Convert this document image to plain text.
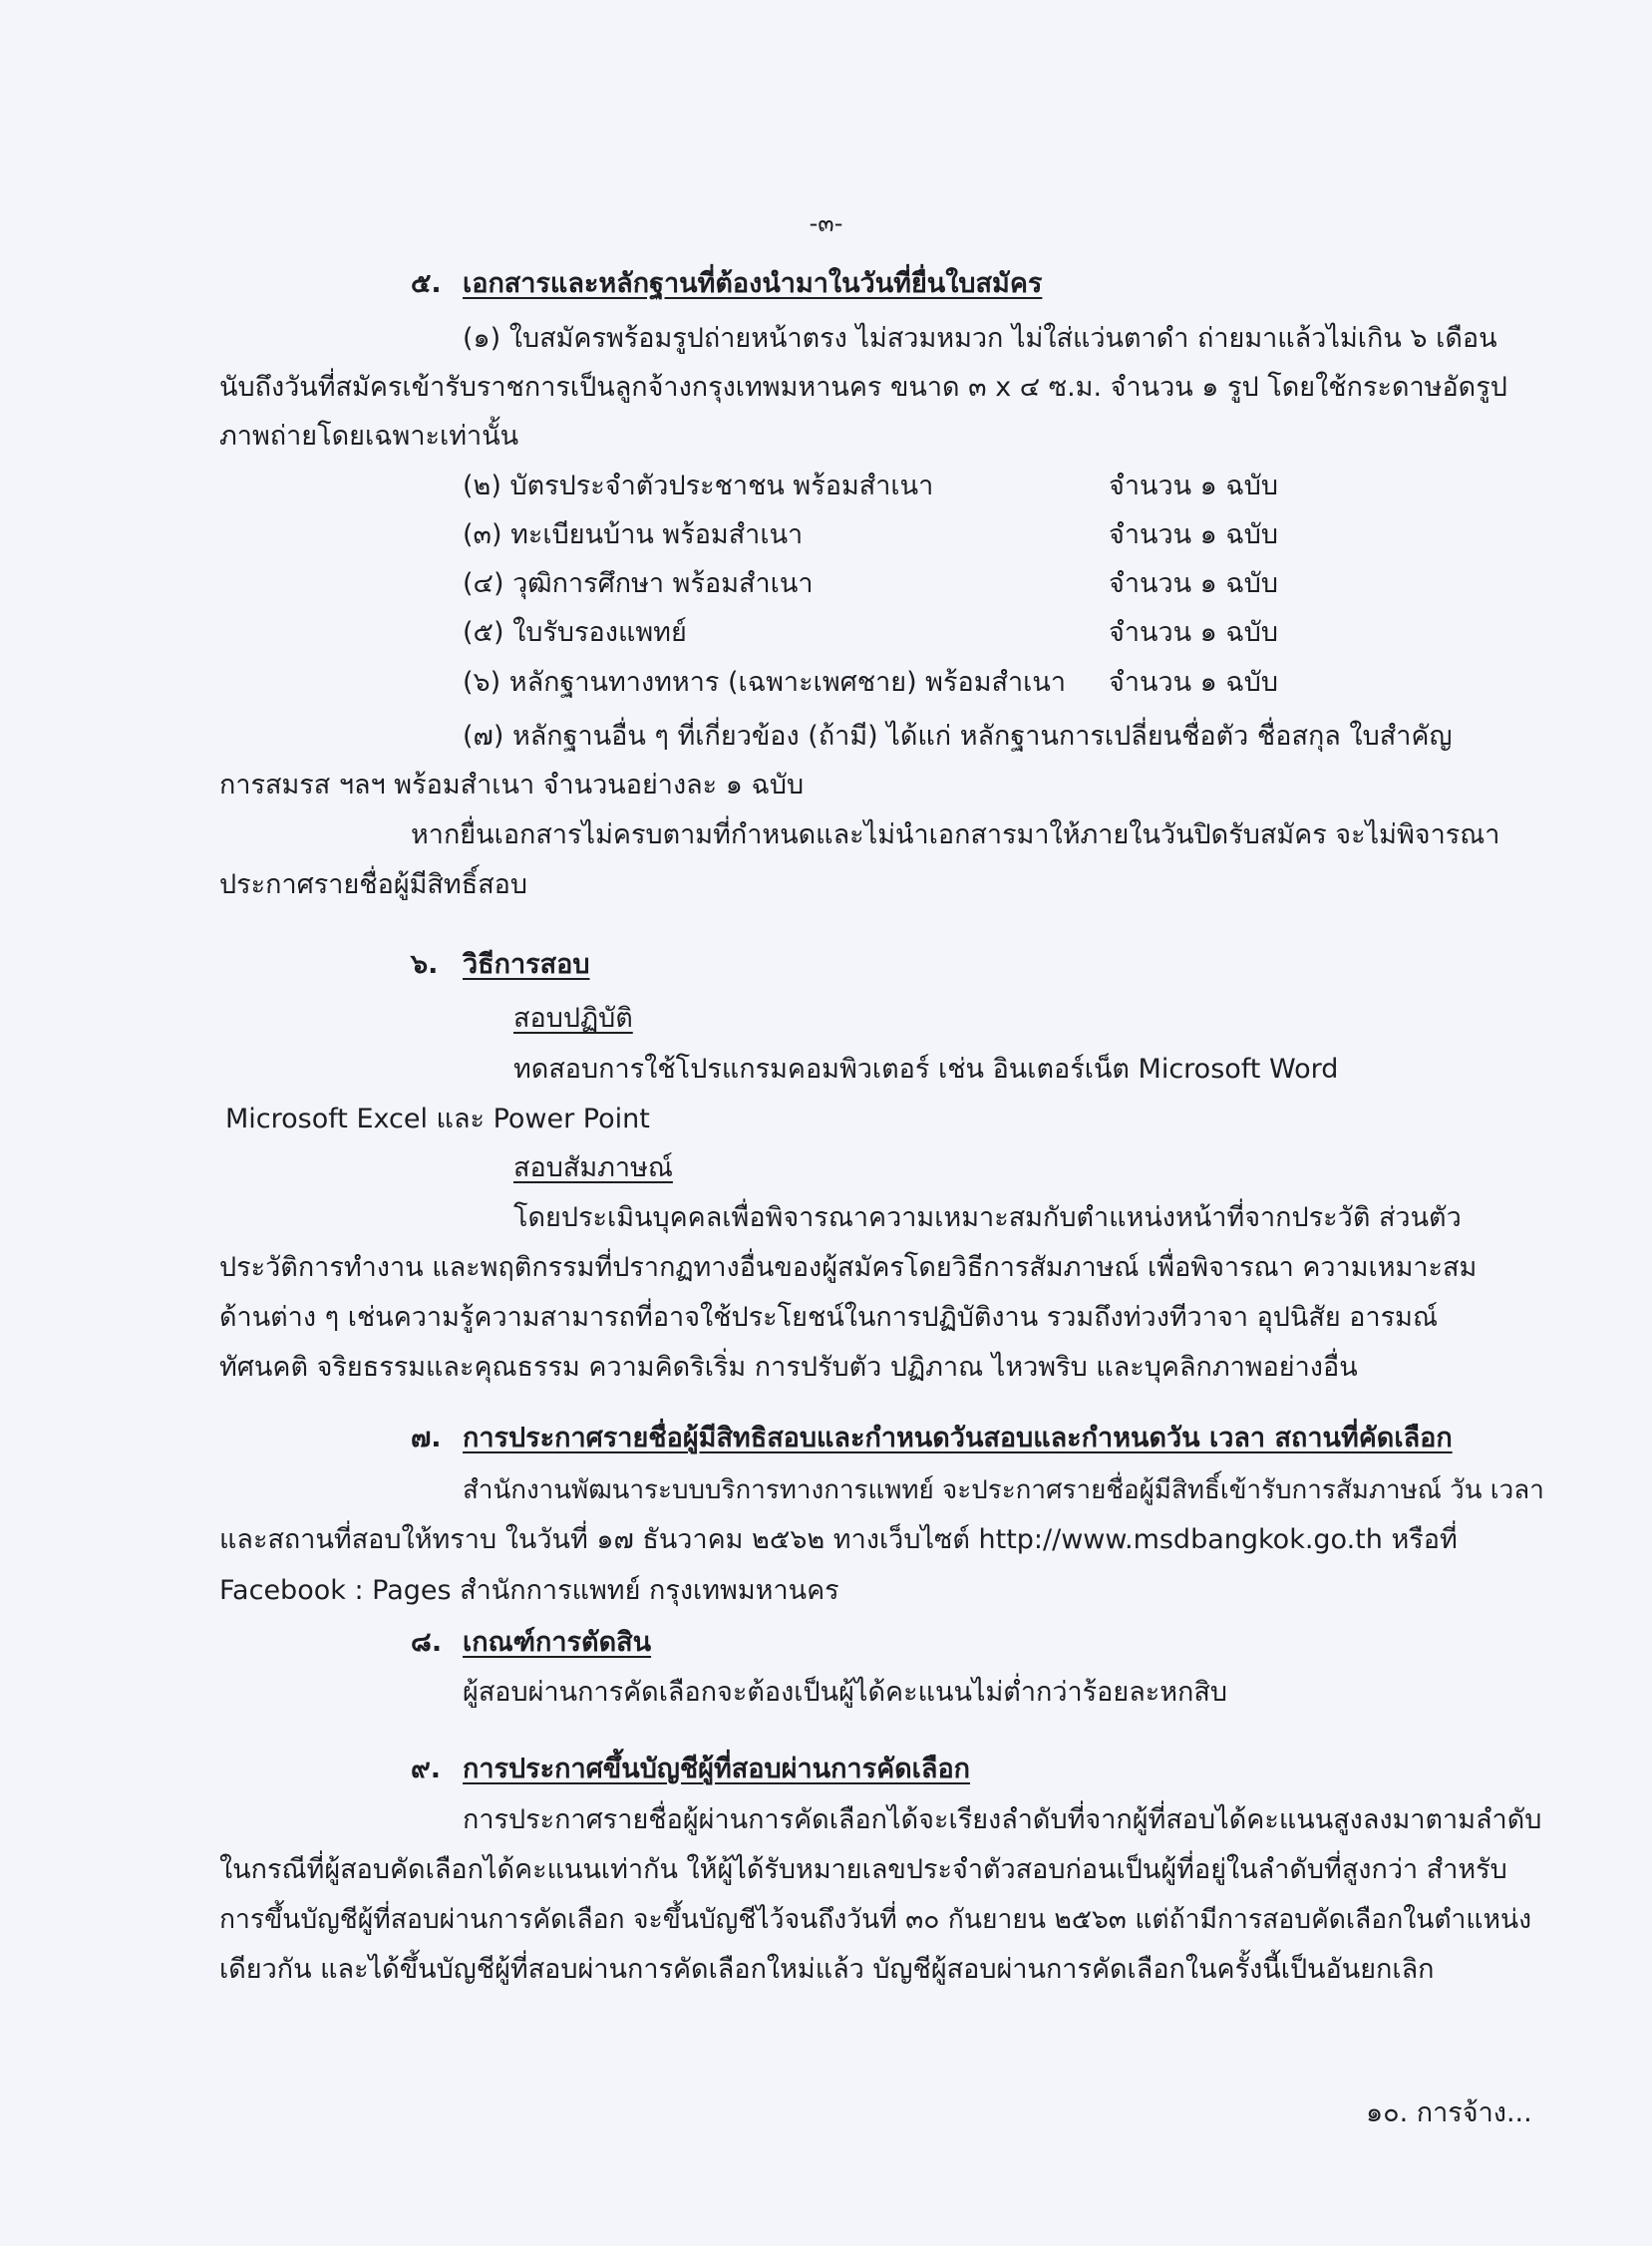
-๓-
๕. เอกสารและหลักฐานที่ต้องนำมาในวันที่ยื่นใบสมัคร
(๑) ใบสมัครพร้อมรูปถ่ายหน้าตรง ไม่สวมหมวก ไม่ใส่แว่นตาดำ ถ่ายมาแล้วไม่เกิน ๖ เดือน
นับถึงวันที่สมัครเข้ารับราชการเป็นลูกจ้างกรุงเทพมหานคร ขนาด ๓ x ๔ ซ.ม. จำนวน ๑ รูป โดยใช้กระดาษอัดรูป
ภาพถ่ายโดยเฉพาะเท่านั้น
(๒) บัตรประจำตัวประชาชน พร้อมสำเนา	จำนวน ๑ ฉบับ
(๓) ทะเบียนบ้าน พร้อมสำเนา	จำนวน ๑ ฉบับ
(๔) วุฒิการศึกษา พร้อมสำเนา	จำนวน ๑ ฉบับ
(๕) ใบรับรองแพทย์	จำนวน ๑ ฉบับ
(๖) หลักฐานทางทหาร (เฉพาะเพศชาย) พร้อมสำเนา จำนวน ๑ ฉบับ
(๗) หลักฐานอื่น ๆ ที่เกี่ยวข้อง (ถ้ามี) ได้แก่ หลักฐานการเปลี่ยนชื่อตัว ชื่อสกุล ใบสำคัญ
การสมรส ฯลฯ พร้อมสำเนา จำนวนอย่างละ ๑ ฉบับ
หากยื่นเอกสารไม่ครบตามที่กำหนดและไม่นำเอกสารมาให้ภายในวันปิดรับสมัคร จะไม่พิจารณา
ประกาศรายชื่อผู้มีสิทธิ์สอบ
๖. วิธีการสอบ
สอบปฏิบัติ
ทดสอบการใช้โปรแกรมคอมพิวเตอร์ เช่น อินเตอร์เน็ต Microsoft Word
Microsoft Excel และ Power Point
สอบสัมภาษณ์
โดยประเมินบุคคลเพื่อพิจารณาความเหมาะสมกับตำแหน่งหน้าที่จากประวัติ ส่วนตัว
ประวัติการทำงาน และพฤติกรรมที่ปรากฏทางอื่นของผู้สมัครโดยวิธีการสัมภาษณ์ เพื่อพิจารณา ความเหมาะสม
ด้านต่าง ๆ เช่นความรู้ความสามารถที่อาจใช้ประโยชน์ในการปฏิบัติงาน รวมถึงท่วงทีวาจา อุปนิสัย อารมณ์
ทัศนคติ จริยธรรมและคุณธรรม ความคิดริเริ่ม การปรับตัว ปฏิภาณ ไหวพริบ และบุคลิกภาพอย่างอื่น
๗. การประกาศรายชื่อผู้มีสิทธิสอบและกำหนดวันสอบและกำหนดวัน เวลา สถานที่คัดเลือก
สำนักงานพัฒนาระบบบริการทางการแพทย์ จะประกาศรายชื่อผู้มีสิทธิ์เข้ารับการสัมภาษณ์ วัน เวลา
และสถานที่สอบให้ทราบ ในวันที่ ๑๗ ธันวาคม ๒๕๖๒ ทางเว็บไซต์ http://www.msdbangkok.go.th หรือที่
Facebook : Pages สำนักการแพทย์ กรุงเทพมหานคร
๘. เกณฑ์การตัดสิน
ผู้สอบผ่านการคัดเลือกจะต้องเป็นผู้ได้คะแนนไม่ต่ำกว่าร้อยละหกสิบ
๙. การประกาศขึ้นบัญชีผู้ที่สอบผ่านการคัดเลือก
การประกาศรายชื่อผู้ผ่านการคัดเลือกได้จะเรียงลำดับที่จากผู้ที่สอบได้คะแนนสูงลงมาตามลำดับ
ในกรณีที่ผู้สอบคัดเลือกได้คะแนนเท่ากัน ให้ผู้ได้รับหมายเลขประจำตัวสอบก่อนเป็นผู้ที่อยู่ในลำดับที่สูงกว่า สำหรับ
การขึ้นบัญชีผู้ที่สอบผ่านการคัดเลือก จะขึ้นบัญชีไว้จนถึงวันที่ ๓๐ กันยายน ๒๕๖๓ แต่ถ้ามีการสอบคัดเลือกในตำแหน่ง
เดียวกัน และได้ขึ้นบัญชีผู้ที่สอบผ่านการคัดเลือกใหม่แล้ว บัญชีผู้สอบผ่านการคัดเลือกในครั้งนี้เป็นอันยกเลิก
๑๐. การจ้าง...
